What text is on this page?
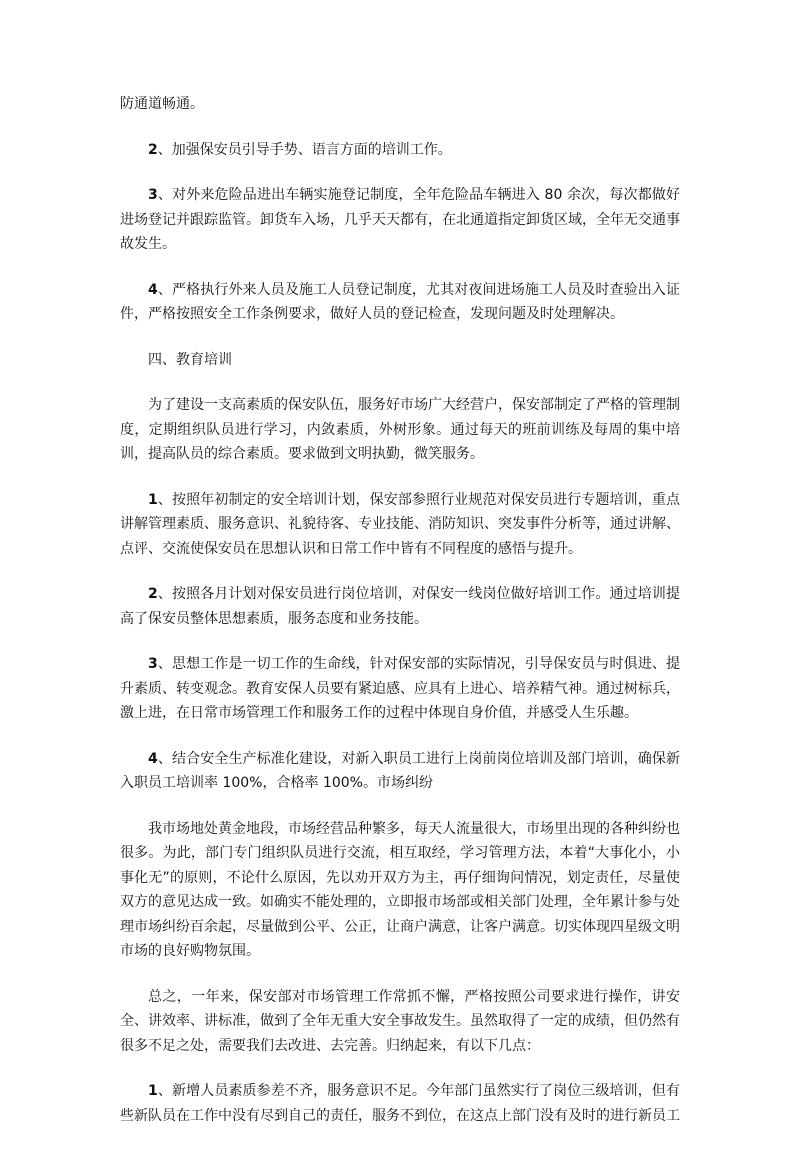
防通道畅通。

2、加强保安员引导手势、语言方面的培训工作。

3、对外来危险品进出车辆实施登记制度，全年危险品车辆进入 80 余次，每次都做好进场登记并跟踪监管。卸货车入场，几乎天天都有，在北通道指定卸货区域，全年无交通事故发生。

4、严格执行外来人员及施工人员登记制度，尤其对夜间进场施工人员及时查验出入证件，严格按照安全工作条例要求，做好人员的登记检查，发现问题及时处理解决。

四、教育培训

为了建设一支高素质的保安队伍，服务好市场广大经营户，保安部制定了严格的管理制度，定期组织队员进行学习，内敛素质，外树形象。通过每天的班前训练及每周的集中培训，提高队员的综合素质。要求做到文明执勤，微笑服务。

1、按照年初制定的安全培训计划，保安部参照行业规范对保安员进行专题培训，重点讲解管理素质、服务意识、礼貌待客、专业技能、消防知识、突发事件分析等，通过讲解、点评、交流使保安员在思想认识和日常工作中皆有不同程度的感悟与提升。

2、按照各月计划对保安员进行岗位培训，对保安一线岗位做好培训工作。通过培训提高了保安员整体思想素质，服务态度和业务技能。

3、思想工作是一切工作的生命线，针对保安部的实际情况，引导保安员与时俱进、提升素质、转变观念。教育安保人员要有紧迫感、应具有上进心、培养精气神。通过树标兵，激上进，在日常市场管理工作和服务工作的过程中体现自身价值，并感受人生乐趣。

4、结合安全生产标准化建设，对新入职员工进行上岗前岗位培训及部门培训，确保新入职员工培训率 100%，合格率 100%。市场纠纷

我市场地处黄金地段，市场经营品种繁多，每天人流量很大，市场里出现的各种纠纷也很多。为此，部门专门组织队员进行交流，相互取经，学习管理方法，本着“大事化小，小事化无”的原则，不论什么原因，先以劝开双方为主，再仔细询问情况，划定责任，尽量使双方的意见达成一致。如确实不能处理的，立即报市场部或相关部门处理，全年累计参与处理市场纠纷百余起，尽量做到公平、公正，让商户满意，让客户满意。切实体现四星级文明市场的良好购物氛围。

总之，一年来，保安部对市场管理工作常抓不懈，严格按照公司要求进行操作，讲安全、讲效率、讲标准，做到了全年无重大安全事故发生。虽然取得了一定的成绩，但仍然有很多不足之处，需要我们去改进、去完善。归纳起来，有以下几点：

1、新增人员素质参差不齐，服务意识不足。今年部门虽然实行了岗位三级培训，但有些新队员在工作中没有尽到自己的责任，服务不到位，在这点上部门没有及时的进行新员工
